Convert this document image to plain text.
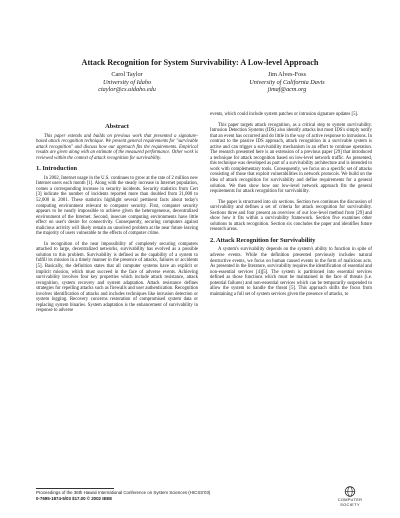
Attack Recognition for System Survivability: A Low-level Approach
Carol Taylor
University of Idaho
ctaylor@cs.uidaho.edu
Jim Alves-Foss
University of California Davis
jimaf@acm.org
Abstract

This paper extends and builds on previous work that presented a signature-based attack recognition technique. We present general requirements for "survivable attack recognition" and discuss how our approach fits the requirements. Empirical results are given along with an estimate of the measured performance. Other work is reviewed within the context of attack recognition for survivability.

1. Introduction

In 2002, Internet usage in the U.S. continues to grow at the rate of 2 million new Internet users each month [1]. Along with the steady increase in Internet population, comes a corresponding increase in security incidents. Security statistics from Cert [3] indicate the number of incidents reported more than doubled from 21,000 to 52,000 in 2001. These statistics highlight several pertinent facts about today's computing environment relevant to computer security. First, computer security appears to be nearly impossible to achieve given the heterogeneous, decentralized environment of the Internet. Second, insecure computing environments have little effect on user's desire for connectivity. Consequently, securing computers against malicious activity will likely remain an unsolved problem at the near future leaving the majority of users vulnerable to the effects of computer crime.

In recognition of the near impossibility of completely securing computers attached to large, decentralized networks, survivability has evolved as a possible solution to this problem. Survivability is defined as the capability of a system to fulfill its mission in a timely manner in the presence of attacks, failures or accidents [5]. Basically, the definition states that all computer systems have an explicit or implicit mission, which must succeed in the face of adverse events. Achieving survivability involves four key properties which include attack resistance, attack recognition, system recovery and system adaptation. Attack resistance defines strategies for repelling attacks such as firewalls and user authentication. Recognition involves identification of attacks and includes techniques like intrusion detection or system logging. Recovery concerns restoration of compromised system data or replacing system binaries. System adaptation is the enhancement of survivability in response to adverse

events, which could include system patches or intrusion signature updates [5].

This paper targets attack recognition, as a critical step to system survivability. Intrusion Detection Systems (IDS) also identify attacks but most IDS's simply notify that an event has occurred and do little in the way of active response to intrusions. In contrast to the passive IDS approach, attack recognition in a survivable system is active and can trigger a survivability mechanism in an effort to continue operation. The research presented here is an extension of a previous paper [29] that introduced a technique for attack recognition based on low-level network traffic. As presented, this technique was developed as part of a survivability architecture and is intended to work with complementary tools. Consequently, we focus on a specific set of attacks consisting of those that exploit vulnerabilities in network protocols. We build on the idea of attack recognition for survivability and define requirements for a general solution. We then show how our low-level network approach fits the general requirements for attack recognition for survivability.

The paper is structured into six sections. Section two continues the discussion of survivability and defines a set of criteria for attack recognition for survivability. Sections three and four present an overview of our low-level method from [29] and show how it fits within a survivability framework. Section five examines other solutions to attack recognition. Section six concludes the paper and identifies future research areas.

2. Attack Recognition for Survivability

A system's survivability depends on the system's ability to function in spite of adverse events. While the definition presented previously includes natural destructive events, we focus on human caused events in the form of malicious acts. As presented in the literature, survivability requires the identification of essential and non-essential services [4][5]. The system is partitioned into essential services defined as those functions which must be maintained in the face of threats (i.e. potential failures) and non-essential services which can be temporarily suspended to allow the system to handle the threat [5]. This approach shifts the focus from maintaining a full set of system services given the presence of attacks, to

Proceedings of the 36th Hawaii International Conference on System Sciences (HICSS'03)
0-7695-1874-5/03 $17.00 © 2002 IEEE	COMPUTER
SOCIETY
